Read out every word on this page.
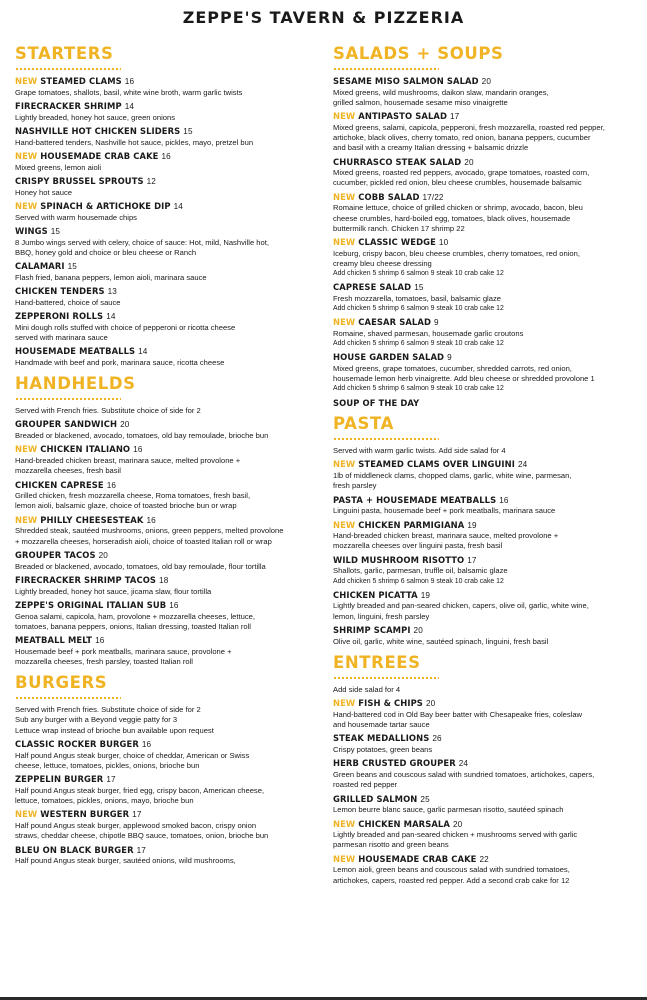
ZEPPE'S TAVERN & PIZZERIA
STARTERS
NEW STEAMED CLAMS 16
Grape tomatoes, shallots, basil, white wine broth, warm garlic twists
FIRECRACKER SHRIMP 14
Lightly breaded, honey hot sauce, green onions
NASHVILLE HOT CHICKEN SLIDERS 15
Hand-battered tenders, Nashville hot sauce, pickles, mayo, pretzel bun
NEW HOUSEMADE CRAB CAKE 16
Mixed greens, lemon aioli
CRISPY BRUSSEL SPROUTS 12
Honey hot sauce
NEW SPINACH & ARTICHOKE DIP 14
Served with warm housemade chips
WINGS 15
8 Jumbo wings served with celery, choice of sauce: Hot, mild, Nashville hot,
BBQ, honey gold and choice or bleu cheese or Ranch
CALAMARI 15
Flash fried, banana peppers, lemon aioli, marinara sauce
CHICKEN TENDERS 13
Hand-battered, choice of sauce
ZEPPERONI ROLLS 14
Mini dough rolls stuffed with choice of pepperoni or ricotta cheese
served with marinara sauce
HOUSEMADE MEATBALLS 14
Handmade with beef and pork, marinara sauce, ricotta cheese
HANDHELDS
Served with French fries. Substitute choice of side for 2
GROUPER SANDWICH 20
Breaded or blackened, avocado, tomatoes, old bay remoulade, brioche bun
NEW CHICKEN ITALIANO 16
Hand-breaded chicken breast, marinara sauce, melted provolone +
mozzarella cheeses, fresh basil
CHICKEN CAPRESE 16
Grilled chicken, fresh mozzarella cheese, Roma tomatoes, fresh basil,
lemon aioli, balsamic glaze, choice of toasted brioche bun or wrap
NEW PHILLY CHEESESTEAK 16
Shredded steak, sautéed mushrooms, onions, green peppers, melted provolone
+ mozzarella cheeses, horseradish aioli, choice of toasted Italian roll or wrap
GROUPER TACOS 20
Breaded or blackened, avocado, tomatoes, old bay remoulade, flour tortilla
FIRECRACKER SHRIMP TACOS 18
Lightly breaded, honey hot sauce, jicama slaw, flour tortilla
ZEPPE'S ORIGINAL ITALIAN SUB 16
Genoa salami, capicola, ham, provolone + mozzarella cheeses, lettuce,
tomatoes, banana peppers, onions, Italian dressing, toasted Italian roll
MEATBALL MELT 16
Housemade beef + pork meatballs, marinara sauce, provolone +
mozzarella cheeses, fresh parsley, toasted Italian roll
BURGERS
Served with French fries. Substitute choice of side for 2
Sub any burger with a Beyond veggie patty for 3
Lettuce wrap instead of brioche bun available upon request
CLASSIC ROCKER BURGER 16
Half pound Angus steak burger, choice of cheddar, American or Swiss
cheese, lettuce, tomatoes, pickles, onions, brioche bun
ZEPPELIN BURGER 17
Half pound Angus steak burger, fried egg, crispy bacon, American cheese,
lettuce, tomatoes, pickles, onions, mayo, brioche bun
NEW WESTERN BURGER 17
Half pound Angus steak burger, applewood smoked bacon, crispy onion
straws, cheddar cheese, chipotle BBQ sauce, tomatoes, onion, brioche bun
BLEU ON BLACK BURGER 17
Half pound Angus steak burger, sautéed onions, wild mushrooms,
SALADS + SOUPS
SESAME MISO SALMON SALAD 20
Mixed greens, wild mushrooms, daikon slaw, mandarin oranges,
grilled salmon, housemade sesame miso vinaigrette
NEW ANTIPASTO SALAD 17
Mixed greens, salami, capicola, pepperoni, fresh mozzarella, roasted red pepper,
artichoke, black olives, cherry tomato, red onion, banana peppers, cucumber
and basil with a creamy Italian dressing + balsamic drizzle
CHURRASCO STEAK SALAD 20
Mixed greens, roasted red peppers, avocado, grape tomatoes, roasted corn,
cucumber, pickled red onion, bleu cheese crumbles, housemade balsamic
NEW COBB SALAD 17/22
Romaine lettuce, choice of grilled chicken or shrimp, avocado, bacon, bleu
cheese crumbles, hard-boiled egg, tomatoes, black olives, housemade
buttermilk ranch. Chicken 17 shrimp 22
NEW CLASSIC WEDGE 10
Iceburg, crispy bacon, bleu cheese crumbles, cherry tomatoes, red onion,
creamy bleu cheese dressing
Add chicken 5 shrimp 6 salmon 9 steak 10 crab cake 12
CAPRESE SALAD 15
Fresh mozzarella, tomatoes, basil, balsamic glaze
Add chicken 5 shrimp 6 salmon 9 steak 10 crab cake 12
NEW CAESAR SALAD 9
Romaine, shaved parmesan, housemade garlic croutons
Add chicken 5 shrimp 6 salmon 9 steak 10 crab cake 12
HOUSE GARDEN SALAD 9
Mixed greens, grape tomatoes, cucumber, shredded carrots, red onion,
housemade lemon herb vinaigrette. Add bleu cheese or shredded provolone 1
Add chicken 5 shrimp 6 salmon 9 steak 10 crab cake 12
SOUP OF THE DAY
PASTA
Served with warm garlic twists. Add side salad for 4
NEW STEAMED CLAMS OVER LINGUINI 24
1lb of middleneck clams, chopped clams, garlic, white wine, parmesan,
fresh parsley
PASTA + HOUSEMADE MEATBALLS 16
Linguini pasta, housemade beef + pork meatballs, marinara sauce
NEW CHICKEN PARMIGIANA 19
Hand-breaded chicken breast, marinara sauce, melted provolone +
mozzarella cheeses over linguini pasta, fresh basil
WILD MUSHROOM RISOTTO 17
Shallots, garlic, parmesan, truffle oil, balsamic glaze
Add chicken 5 shrimp 6 salmon 9 steak 10 crab cake 12
CHICKEN PICATTA 19
Lightly breaded and pan-seared chicken, capers, olive oil, garlic, white wine,
lemon, linguini, fresh parsley
SHRIMP SCAMPI 20
Olive oil, garlic, white wine, sautéed spinach, linguini, fresh basil
ENTREES
Add side salad for 4
NEW FISH & CHIPS 20
Hand-battered cod in Old Bay beer batter with Chesapeake fries, coleslaw
and housemade tartar sauce
STEAK MEDALLIONS 26
Crispy potatoes, green beans
HERB CRUSTED GROUPER 24
Green beans and couscous salad with sundried tomatoes, artichokes, capers,
roasted red pepper
GRILLED SALMON 25
Lemon beurre blanc sauce, garlic parmesan risotto, sautéed spinach
NEW CHICKEN MARSALA 20
Lightly breaded and pan-seared chicken + mushrooms served with garlic
parmesan risotto and green beans
NEW HOUSEMADE CRAB CAKE 22
Lemon aioli, green beans and couscous salad with sundried tomatoes,
artichokes, capers, roasted red pepper. Add a second crab cake for 12
